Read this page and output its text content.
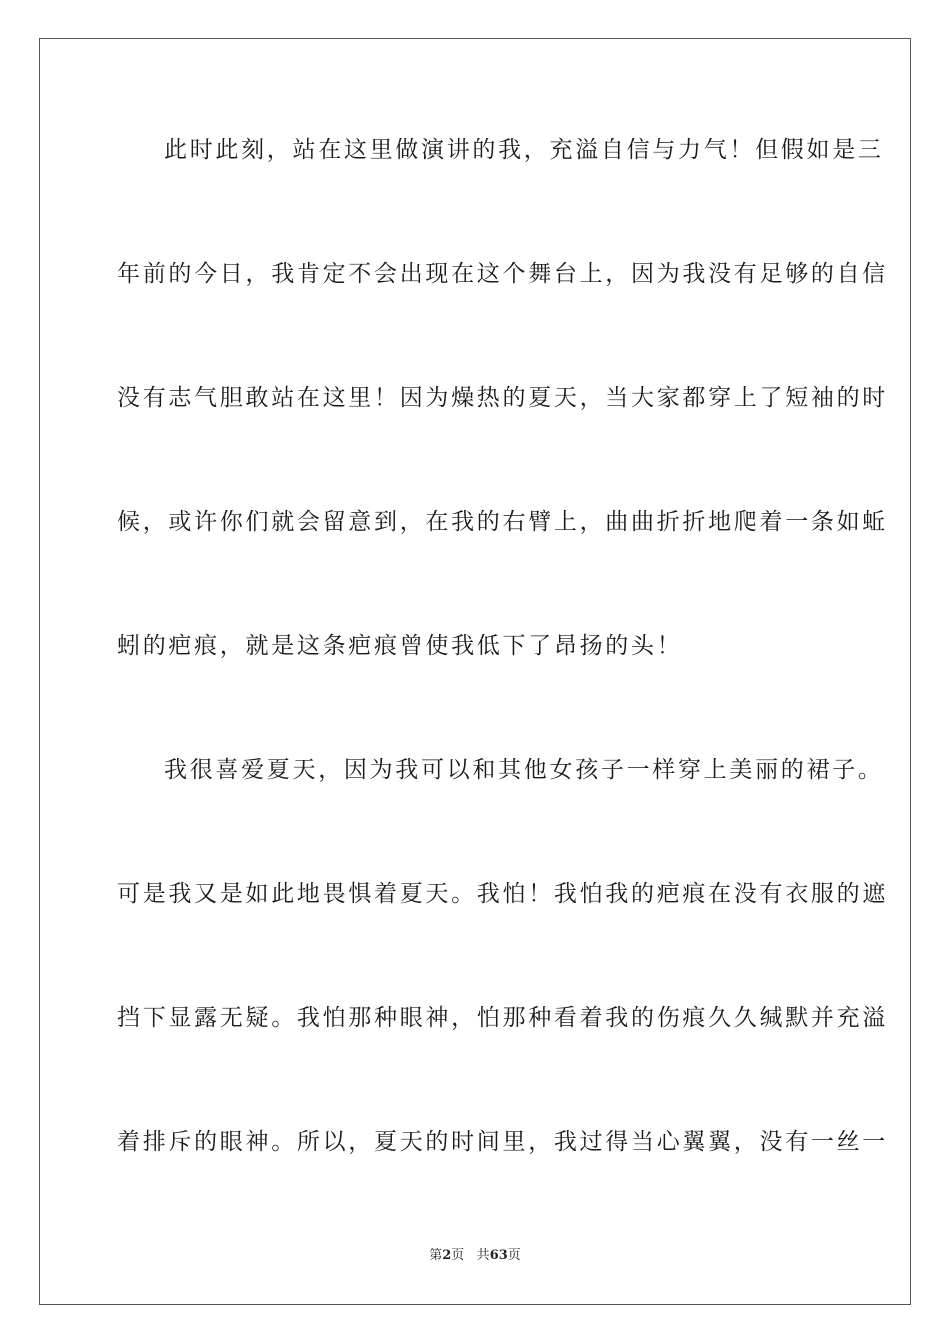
此时此刻，站在这里做演讲的我，充溢自信与力气！但假如是三
年前的今日，我肯定不会出现在这个舞台上，因为我没有足够的自信
没有志气胆敢站在这里！因为燥热的夏天，当大家都穿上了短袖的时
候，或许你们就会留意到，在我的右臂上，曲曲折折地爬着一条如蚯
蚓的疤痕，就是这条疤痕曾使我低下了昂扬的头！
我很喜爱夏天，因为我可以和其他女孩子一样穿上美丽的裙子。
可是我又是如此地畏惧着夏天。我怕！我怕我的疤痕在没有衣服的遮
挡下显露无疑。我怕那种眼神，怕那种看着我的伤痕久久缄默并充溢
着排斥的眼神。所以，夏天的时间里，我过得当心翼翼，没有一丝一
第2页 共63页
